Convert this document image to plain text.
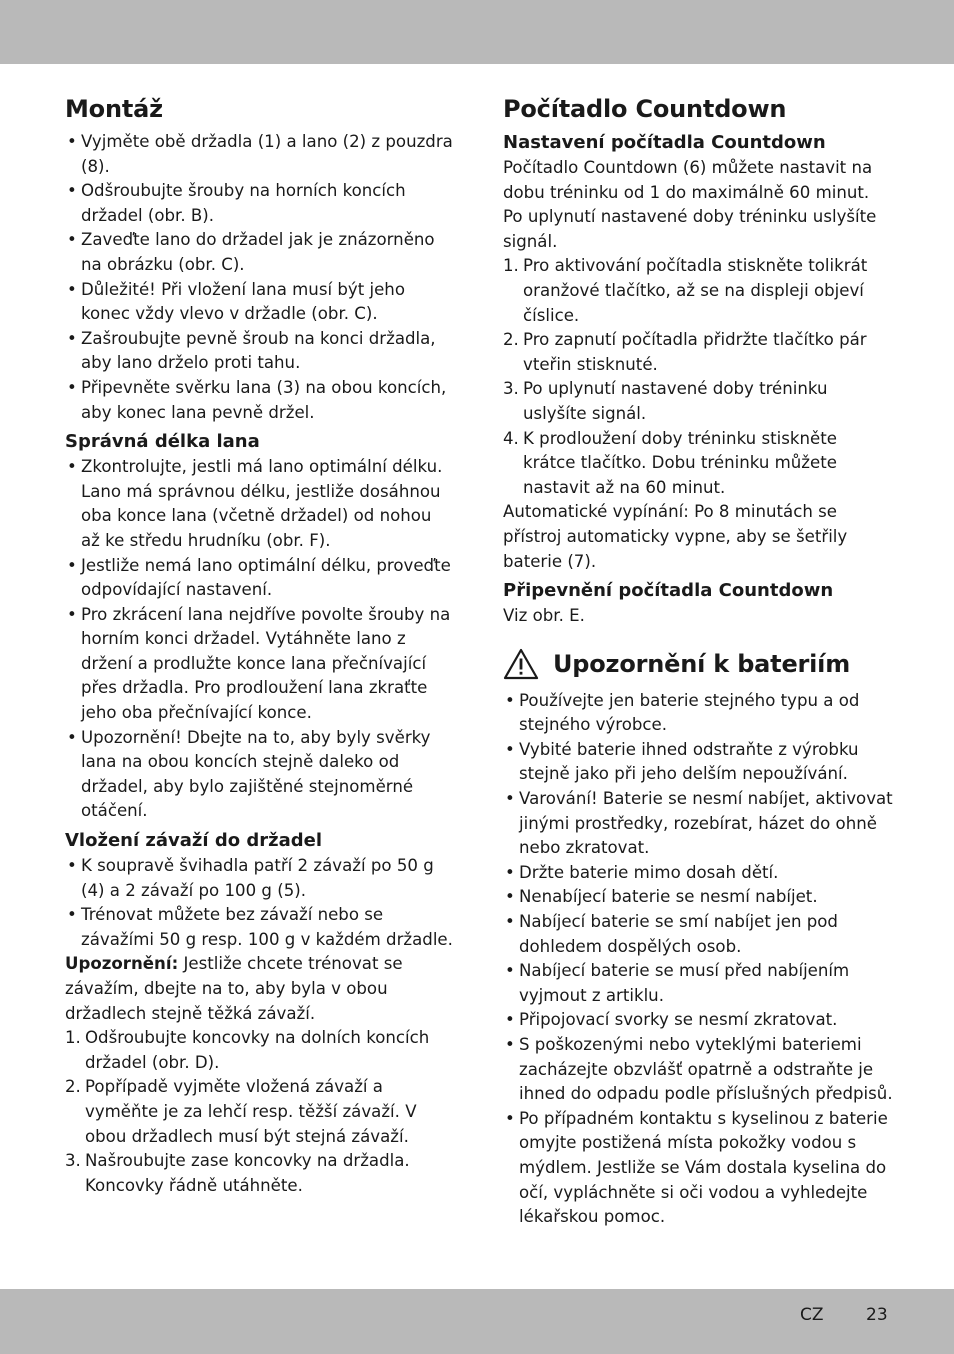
Montáž
• Vyjměte obě držadla (1) a lano (2) z pouzdra (8).
• Odšroubujte šrouby na horních koncích držadel (obr. B).
• Zaveďte lano do držadel jak je znázorněno na obrázku (obr. C).
• Důležité! Při vložení lana musí být jeho konec vždy vlevo v držadle (obr. C).
• Zašroubujte pevně šroub na konci držadla, aby lano drželo proti tahu.
• Připevněte svěrku lana (3) na obou koncích, aby konec lana pevně držel.
Správná délka lana
• Zkontrolujte, jestli má lano optimální délku. Lano má správnou délku, jestliže dosáhnou oba konce lana (včetně držadel) od nohou až ke středu hrudníku (obr. F).
• Jestliže nemá lano optimální délku, proveďte odpovídající nastavení.
• Pro zkrácení lana nejdříve povolte šrouby na horním konci držadel. Vytáhněte lano z držení a prodlužte konce lana přečnívající přes držadla. Pro prodloužení lana zkraťte jeho oba přečnívající konce.
• Upozornění! Dbejte na to, aby byly svěrky lana na obou koncích stejně daleko od držadel, aby bylo zajištěné stejnoměrné otáčení.
Vložení závaží do držadel
• K soupravě švihadla patří 2 závaží po 50 g (4) a 2 závaží po 100 g (5).
• Trénovat můžete bez závaží nebo se závažími 50 g resp. 100 g v každém držadle.

Upozornění: Jestliže chcete trénovat se závažím, dbejte na to, aby byla v obou držadlech stejně těžká závaží.

1. Odšroubujte koncovky na dolních koncích držadel (obr. D).
2. Popřípadě vyjměte vložená závaží a vyměňte je za lehčí resp. těžší závaží. V obou držadlech musí být stejná závaží.
3. Našroubujte zase koncovky na držadla. Koncovky řádně utáhněte.
Počítadlo Countdown
Nastavení počítadla Countdown

Počítadlo Countdown (6) můžete nastavit na dobu tréninku od 1 do maximálně 60 minut. Po uplynutí nastavené doby tréninku uslyšíte signál.

1. Pro aktivování počítadla stiskněte tolikrát oranžové tlačítko, až se na displeji objeví číslice.
2. Pro zapnutí počítadla přidržte tlačítko pár vteřin stisknuté.
3. Po uplynutí nastavené doby tréninku uslyšíte signál.
4. K prodloužení doby tréninku stiskněte krátce tlačítko. Dobu tréninku můžete nastavit až na 60 minut.

Automatické vypínání: Po 8 minutách se přístroj automaticky vypne, aby se šetřily baterie (7).

Připevnění počítadla Countdown

Viz obr. E.

Upozornění k bateriím
• Používejte jen baterie stejného typu a od stejného výrobce.
• Vybité baterie ihned odstraňte z výrobku stejně jako při jeho delším nepoužívání.
• Varování! Baterie se nesmí nabíjet, aktivovat jinými prostředky, rozebírat, házet do ohně nebo zkratovat.
• Držte baterie mimo dosah dětí.
• Nenabíjecí baterie se nesmí nabíjet.
• Nabíjecí baterie se smí nabíjet jen pod dohledem dospělých osob.
• Nabíjecí baterie se musí před nabíjením vyjmout z artiklu.
• Připojovací svorky se nesmí zkratovat.
• S poškozenými nebo vyteklými bateriemi zacházejte obzvlášť opatrně a odstraňte je ihned do odpadu podle příslušných předpisů.
• Po případném kontaktu s kyselinou z baterie omyjte postižená místa pokožky vodou s mýdlem. Jestliže se Vám dostala kyselina do očí, vypláchněte si oči vodou a vyhledejte lékařskou pomoc.
CZ 23
